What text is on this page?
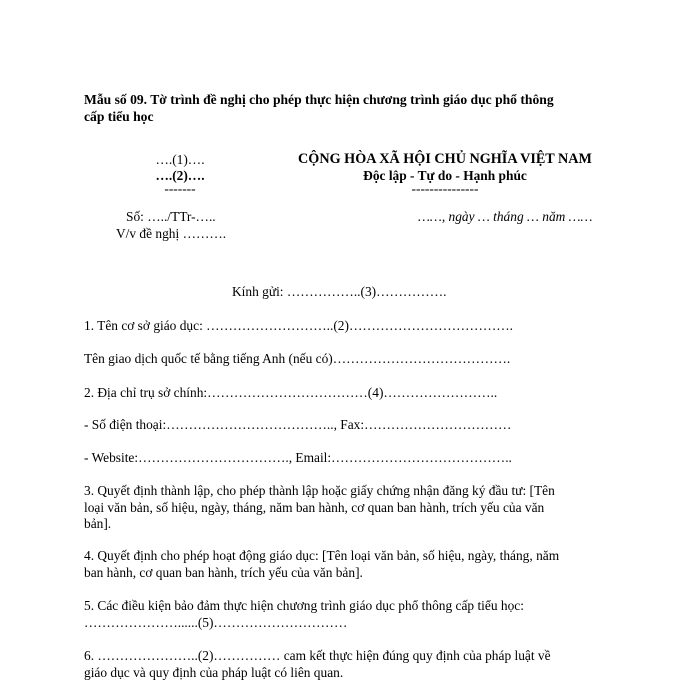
Mẫu số 09. Tờ trình đề nghị cho phép thực hiện chương trình giáo dục phổ thông
cấp tiểu học
….(1)….
….(2)….
-------
Số: …../TTr-…..
V/v đề nghị ……….
CỘNG HÒA XÃ HỘI CHỦ NGHĨA VIỆT NAM
Độc lập - Tự do - Hạnh phúc
---------------
……, ngày … tháng … năm ……
Kính gửi: ……………..(3)…………….
1. Tên cơ sở giáo dục: ………………………..(2)……………………………….
Tên giao dịch quốc tế bằng tiếng Anh (nếu có)………………………………….
2. Địa chỉ trụ sở chính:………………………………(4)……………………..
- Số điện thoại:……………………………….., Fax:……………………………
- Website:……………………………., Email:…………………………………..
3. Quyết định thành lập, cho phép thành lập hoặc giấy chứng nhận đăng ký đầu tư: [Tên
loại văn bản, số hiệu, ngày, tháng, năm ban hành, cơ quan ban hành, trích yếu của văn
bản].
4. Quyết định cho phép hoạt động giáo dục: [Tên loại văn bản, số hiệu, ngày, tháng, năm
ban hành, cơ quan ban hành, trích yếu của văn bản].
5. Các điều kiện bảo đảm thực hiện chương trình giáo dục phổ thông cấp tiểu học:
…………………......(5)…………………………
6. …………………..(2)…………… cam kết thực hiện đúng quy định của pháp luật về
giáo dục và quy định của pháp luật có liên quan.
